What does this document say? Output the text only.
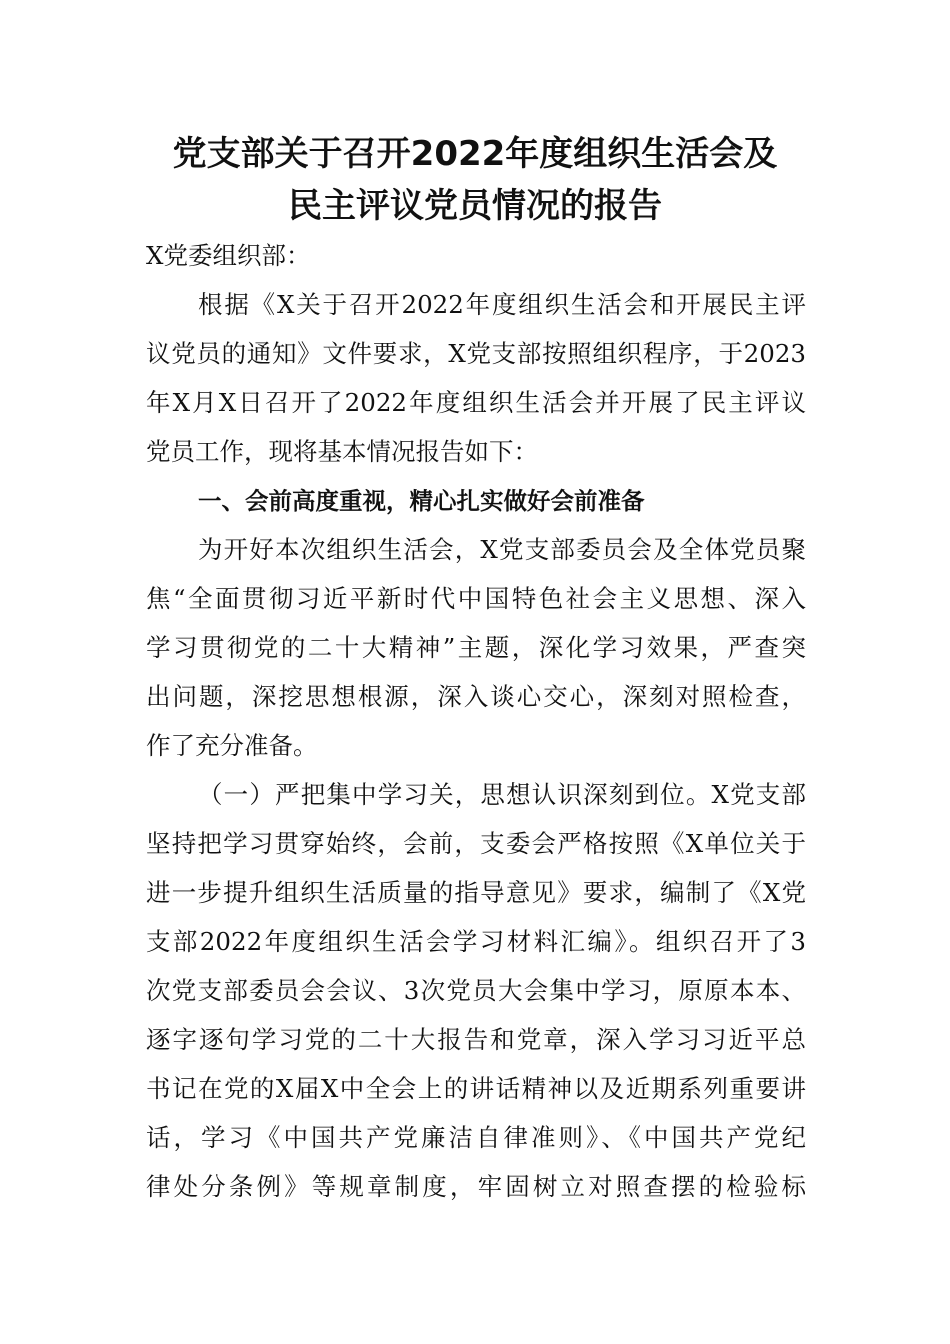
党支部关于召开2022年度组织生活会及
民主评议党员情况的报告
X党委组织部：
根据《X关于召开2022年度组织生活会和开展民主评
议党员的通知》文件要求，X党支部按照组织程序，于2023
年X月X日召开了2022年度组织生活会并开展了民主评议
党员工作，现将基本情况报告如下：
一、会前高度重视，精心扎实做好会前准备
为开好本次组织生活会，X党支部委员会及全体党员聚
焦“全面贯彻习近平新时代中国特色社会主义思想、深入
学习贯彻党的二十大精神”主题，深化学习效果，严查突
出问题，深挖思想根源，深入谈心交心，深刻对照检查，
作了充分准备。
（一）严把集中学习关，思想认识深刻到位。X党支部
坚持把学习贯穿始终，会前，支委会严格按照《X单位关于
进一步提升组织生活质量的指导意见》要求，编制了《X党
支部2022年度组织生活会学习材料汇编》。组织召开了3
次党支部委员会会议、3次党员大会集中学习，原原本本、
逐字逐句学习党的二十大报告和党章，深入学习习近平总
书记在党的X届X中全会上的讲话精神以及近期系列重要讲
话，学习《中国共产党廉洁自律准则》、《中国共产党纪
律处分条例》等规章制度，牢固树立对照查摆的检验标
